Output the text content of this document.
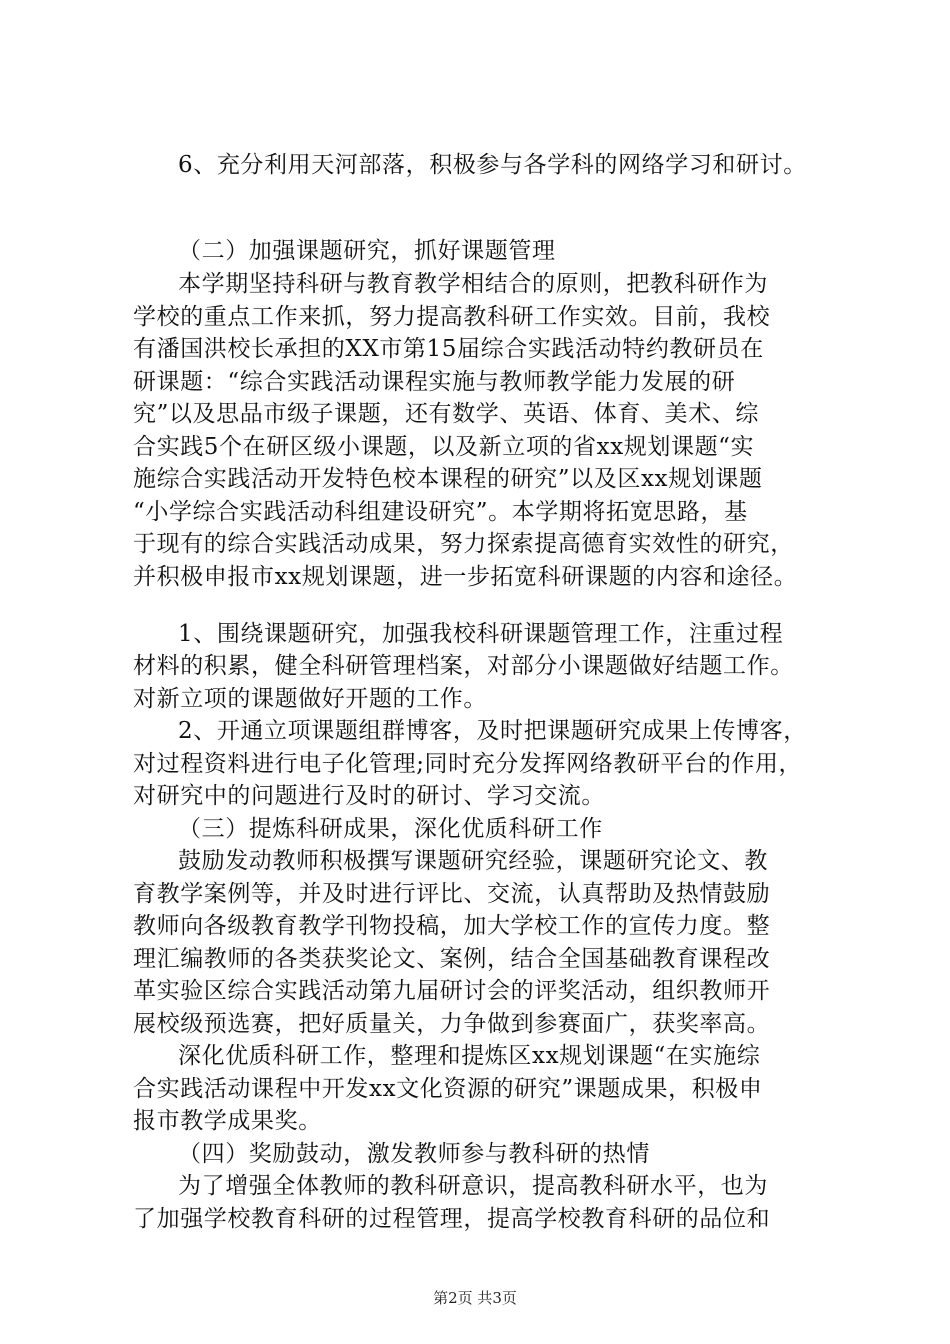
6、充分利用天河部落，积极参与各学科的网络学习和研讨。
（二）加强课题研究，抓好课题管理
本学期坚持科研与教育教学相结合的原则，把教科研作为
学校的重点工作来抓，努力提高教科研工作实效。目前，我校
有潘国洪校长承担的XX市第15届综合实践活动特约教研员在
研课题：“综合实践活动课程实施与教师教学能力发展的研
究”以及思品市级子课题，还有数学、英语、体育、美术、综
合实践5个在研区级小课题，以及新立项的省xx规划课题“实
施综合实践活动开发特色校本课程的研究”以及区xx规划课题
“小学综合实践活动科组建设研究”。本学期将拓宽思路，基
于现有的综合实践活动成果，努力探索提高德育实效性的研究，
并积极申报市xx规划课题，进一步拓宽科研课题的内容和途径。
1、围绕课题研究，加强我校科研课题管理工作，注重过程
材料的积累，健全科研管理档案，对部分小课题做好结题工作。
对新立项的课题做好开题的工作。
2、开通立项课题组群博客，及时把课题研究成果上传博客，
对过程资料进行电子化管理;同时充分发挥网络教研平台的作用，
对研究中的问题进行及时的研讨、学习交流。
（三）提炼科研成果，深化优质科研工作
鼓励发动教师积极撰写课题研究经验，课题研究论文、教
育教学案例等，并及时进行评比、交流，认真帮助及热情鼓励
教师向各级教育教学刊物投稿，加大学校工作的宣传力度。整
理汇编教师的各类获奖论文、案例，结合全国基础教育课程改
革实验区综合实践活动第九届研讨会的评奖活动，组织教师开
展校级预选赛，把好质量关，力争做到参赛面广，获奖率高。
深化优质科研工作，整理和提炼区xx规划课题“在实施综
合实践活动课程中开发xx文化资源的研究”课题成果，积极申
报市教学成果奖。
（四）奖励鼓动，激发教师参与教科研的热情
为了增强全体教师的教科研意识，提高教科研水平，也为
了加强学校教育科研的过程管理，提高学校教育科研的品位和
第2页 共3页
